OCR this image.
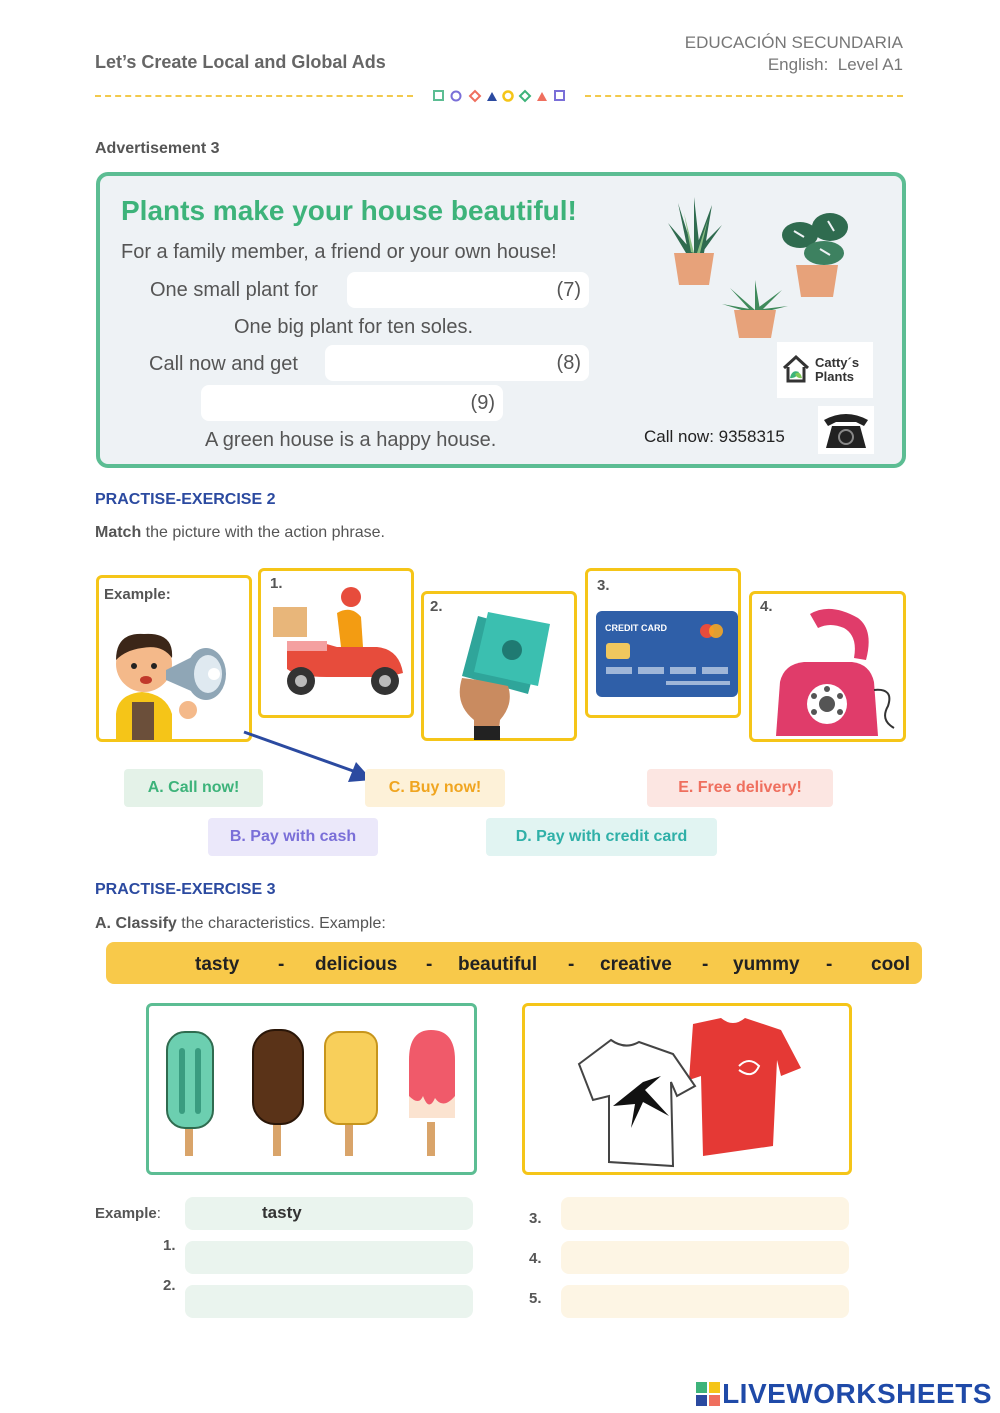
Let’s Create Local and Global Ads
EDUCACIÓN SECUNDARIA
English:  Level A1
Advertisement 3
Plants make your house beautiful!
For a family member, a friend or your own house!
One small plant for	(7)
One big plant for ten soles.
Call now and get	(8)
(9)
A green house is a happy house.	Call now: 9358315
Catty´s
Plants
PRACTISE-EXERCISE 2
Match the picture with the action phrase.
Example:
1.
2.
3.
CREDIT CARD
4.
A. Call now!
B. Pay with cash
C. Buy now!
D. Pay with credit card
E. Free delivery!
PRACTISE-EXERCISE 3
A. Classify the characteristics. Example:
tasty - delicious - beautiful - creative - yummy - cool
Example:	tasty
1.
2.
3.
4.
5.
LIVEWORKSHEETS
